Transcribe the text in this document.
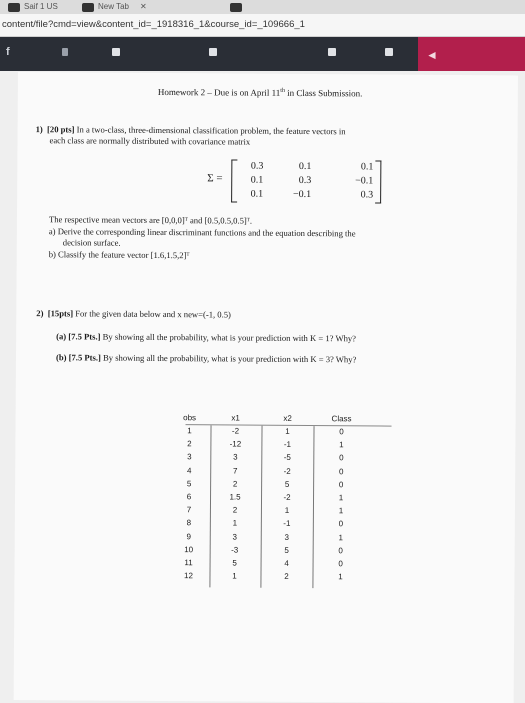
Saif 1 US	New Tab ✕
content/file?cmd=view&content_id=_1918316_1&course_id=_109666_1
f	◄
Homework 2 – Due is on April 11th in Class Submission.
1) [20 pts] In a two-class, three-dimensional classification problem, the feature vectors in
each class are normally distributed with covariance matrix
Σ =
0.3	0.1	0.1
0.1	0.3	−0.1
0.1	−0.1	0.3
The respective mean vectors are [0,0,0]ᵀ and [0.5,0.5,0.5]ᵀ.
a) Derive the corresponding linear discriminant functions and the equation describing the
decision surface.
b) Classify the feature vector [1.6,1.5,2]ᵀ
2) [15pts] For the given data below and x new=(-1, 0.5)
(a) [7.5 Pts.] By showing all the probability, what is your prediction with K = 1? Why?
(b) [7.5 Pts.] By showing all the probability, what is your prediction with K = 3? Why?
obs	x1	x2	Class
1	-2	1	0
2	-12	-1	1
3	3	-5	0
4	7	-2	0
5	2	5	0
6	1.5	-2	1
7	2	1	1
8	1	-1	0
9	3	3	1
10	-3	5	0
11	5	4	0
12	1	2	1
